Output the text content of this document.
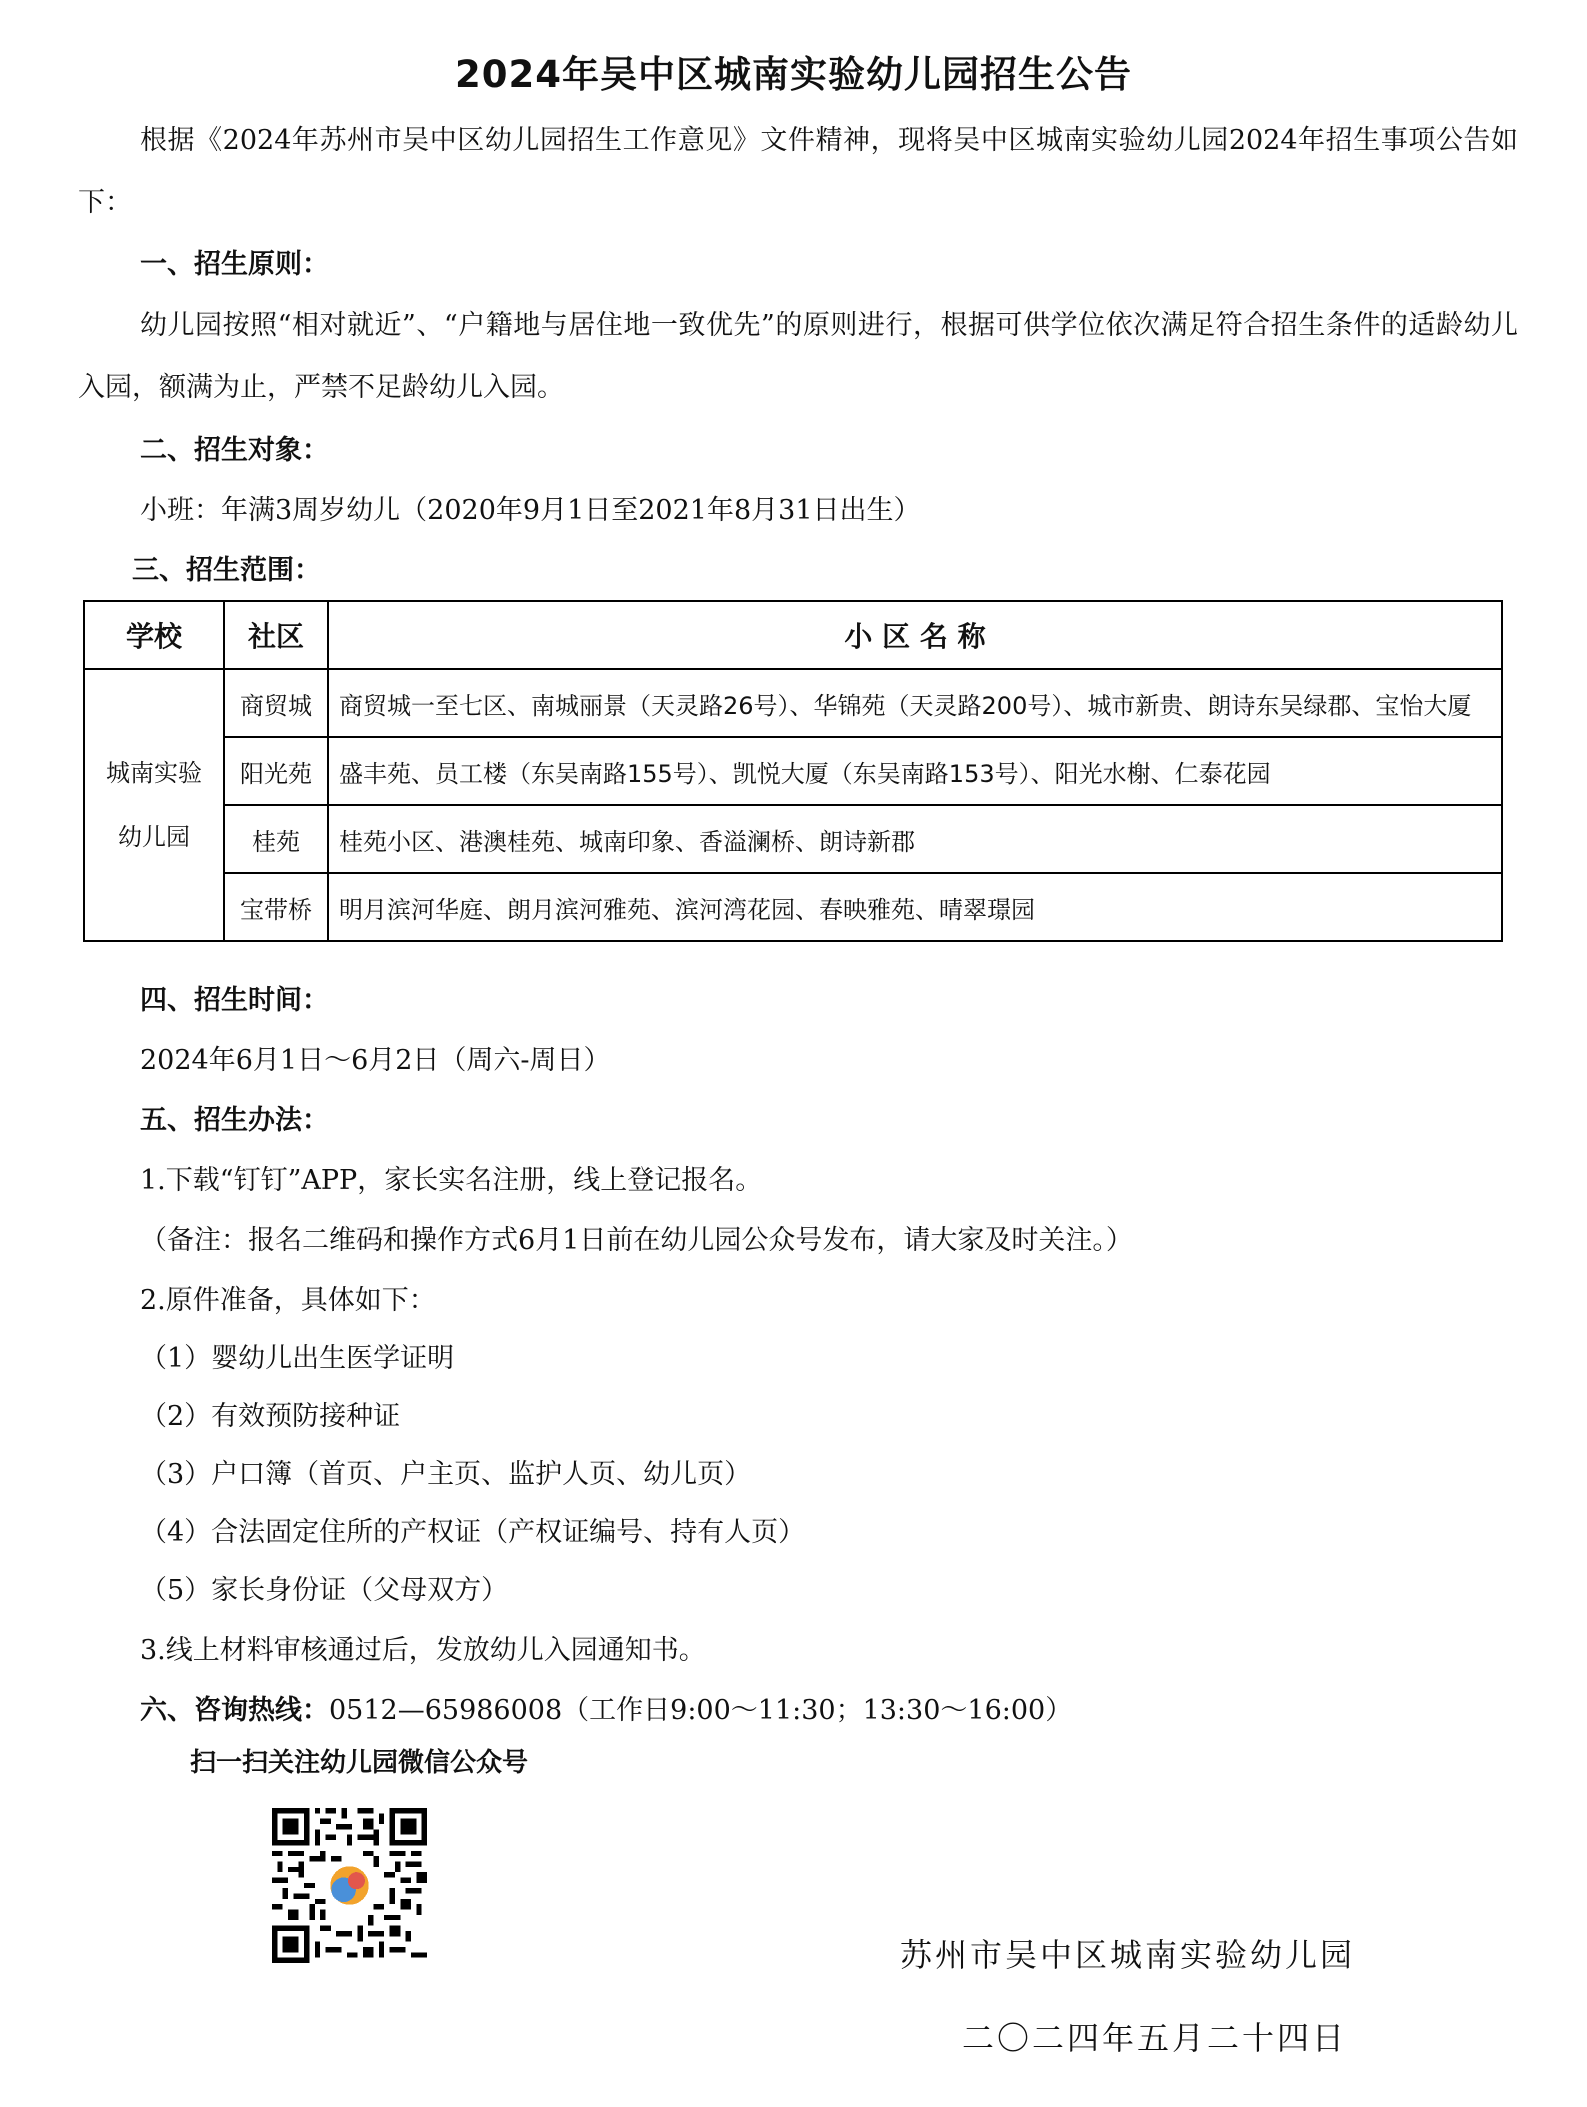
2024年吴中区城南实验幼儿园招生公告
根据《2024年苏州市吴中区幼儿园招生工作意见》文件精神，现将吴中区城南实验幼儿园2024年招生事项公告如下：
一、招生原则：
幼儿园按照“相对就近”、“户籍地与居住地一致优先”的原则进行，根据可供学位依次满足符合招生条件的适龄幼儿入园，额满为止，严禁不足龄幼儿入园。
二、招生对象：
小班：年满3周岁幼儿（2020年9月1日至2021年8月31日出生）
三、招生范围：
学校	社区	小 区 名 称

城南实验
幼儿园	商贸城	商贸城一至七区、南城丽景（天灵路26号）、华锦苑（天灵路200号）、城市新贵、朗诗东吴绿郡、宝怡大厦
	阳光苑	盛丰苑、员工楼（东吴南路155号）、凯悦大厦（东吴南路153号）、阳光水榭、仁泰花园
	桂苑	桂苑小区、港澳桂苑、城南印象、香溢澜桥、朗诗新郡
	宝带桥	明月滨河华庭、朗月滨河雅苑、滨河湾花园、春映雅苑、晴翠璟园
四、招生时间：
2024年6月1日～6月2日（周六-周日）
五、招生办法：
1.下载“钉钉”APP，家长实名注册，线上登记报名。
（备注：报名二维码和操作方式6月1日前在幼儿园公众号发布，请大家及时关注。）
2.原件准备，具体如下：
（1）婴幼儿出生医学证明
（2）有效预防接种证
（3）户口簿（首页、户主页、监护人页、幼儿页）
（4）合法固定住所的产权证（产权证编号、持有人页）
（5）家长身份证（父母双方）
3.线上材料审核通过后，发放幼儿入园通知书。
六、咨询热线：0512—65986008（工作日9:00～11:30；13:30～16:00）
扫一扫关注幼儿园微信公众号
苏州市吴中区城南实验幼儿园
二〇二四年五月二十四日
